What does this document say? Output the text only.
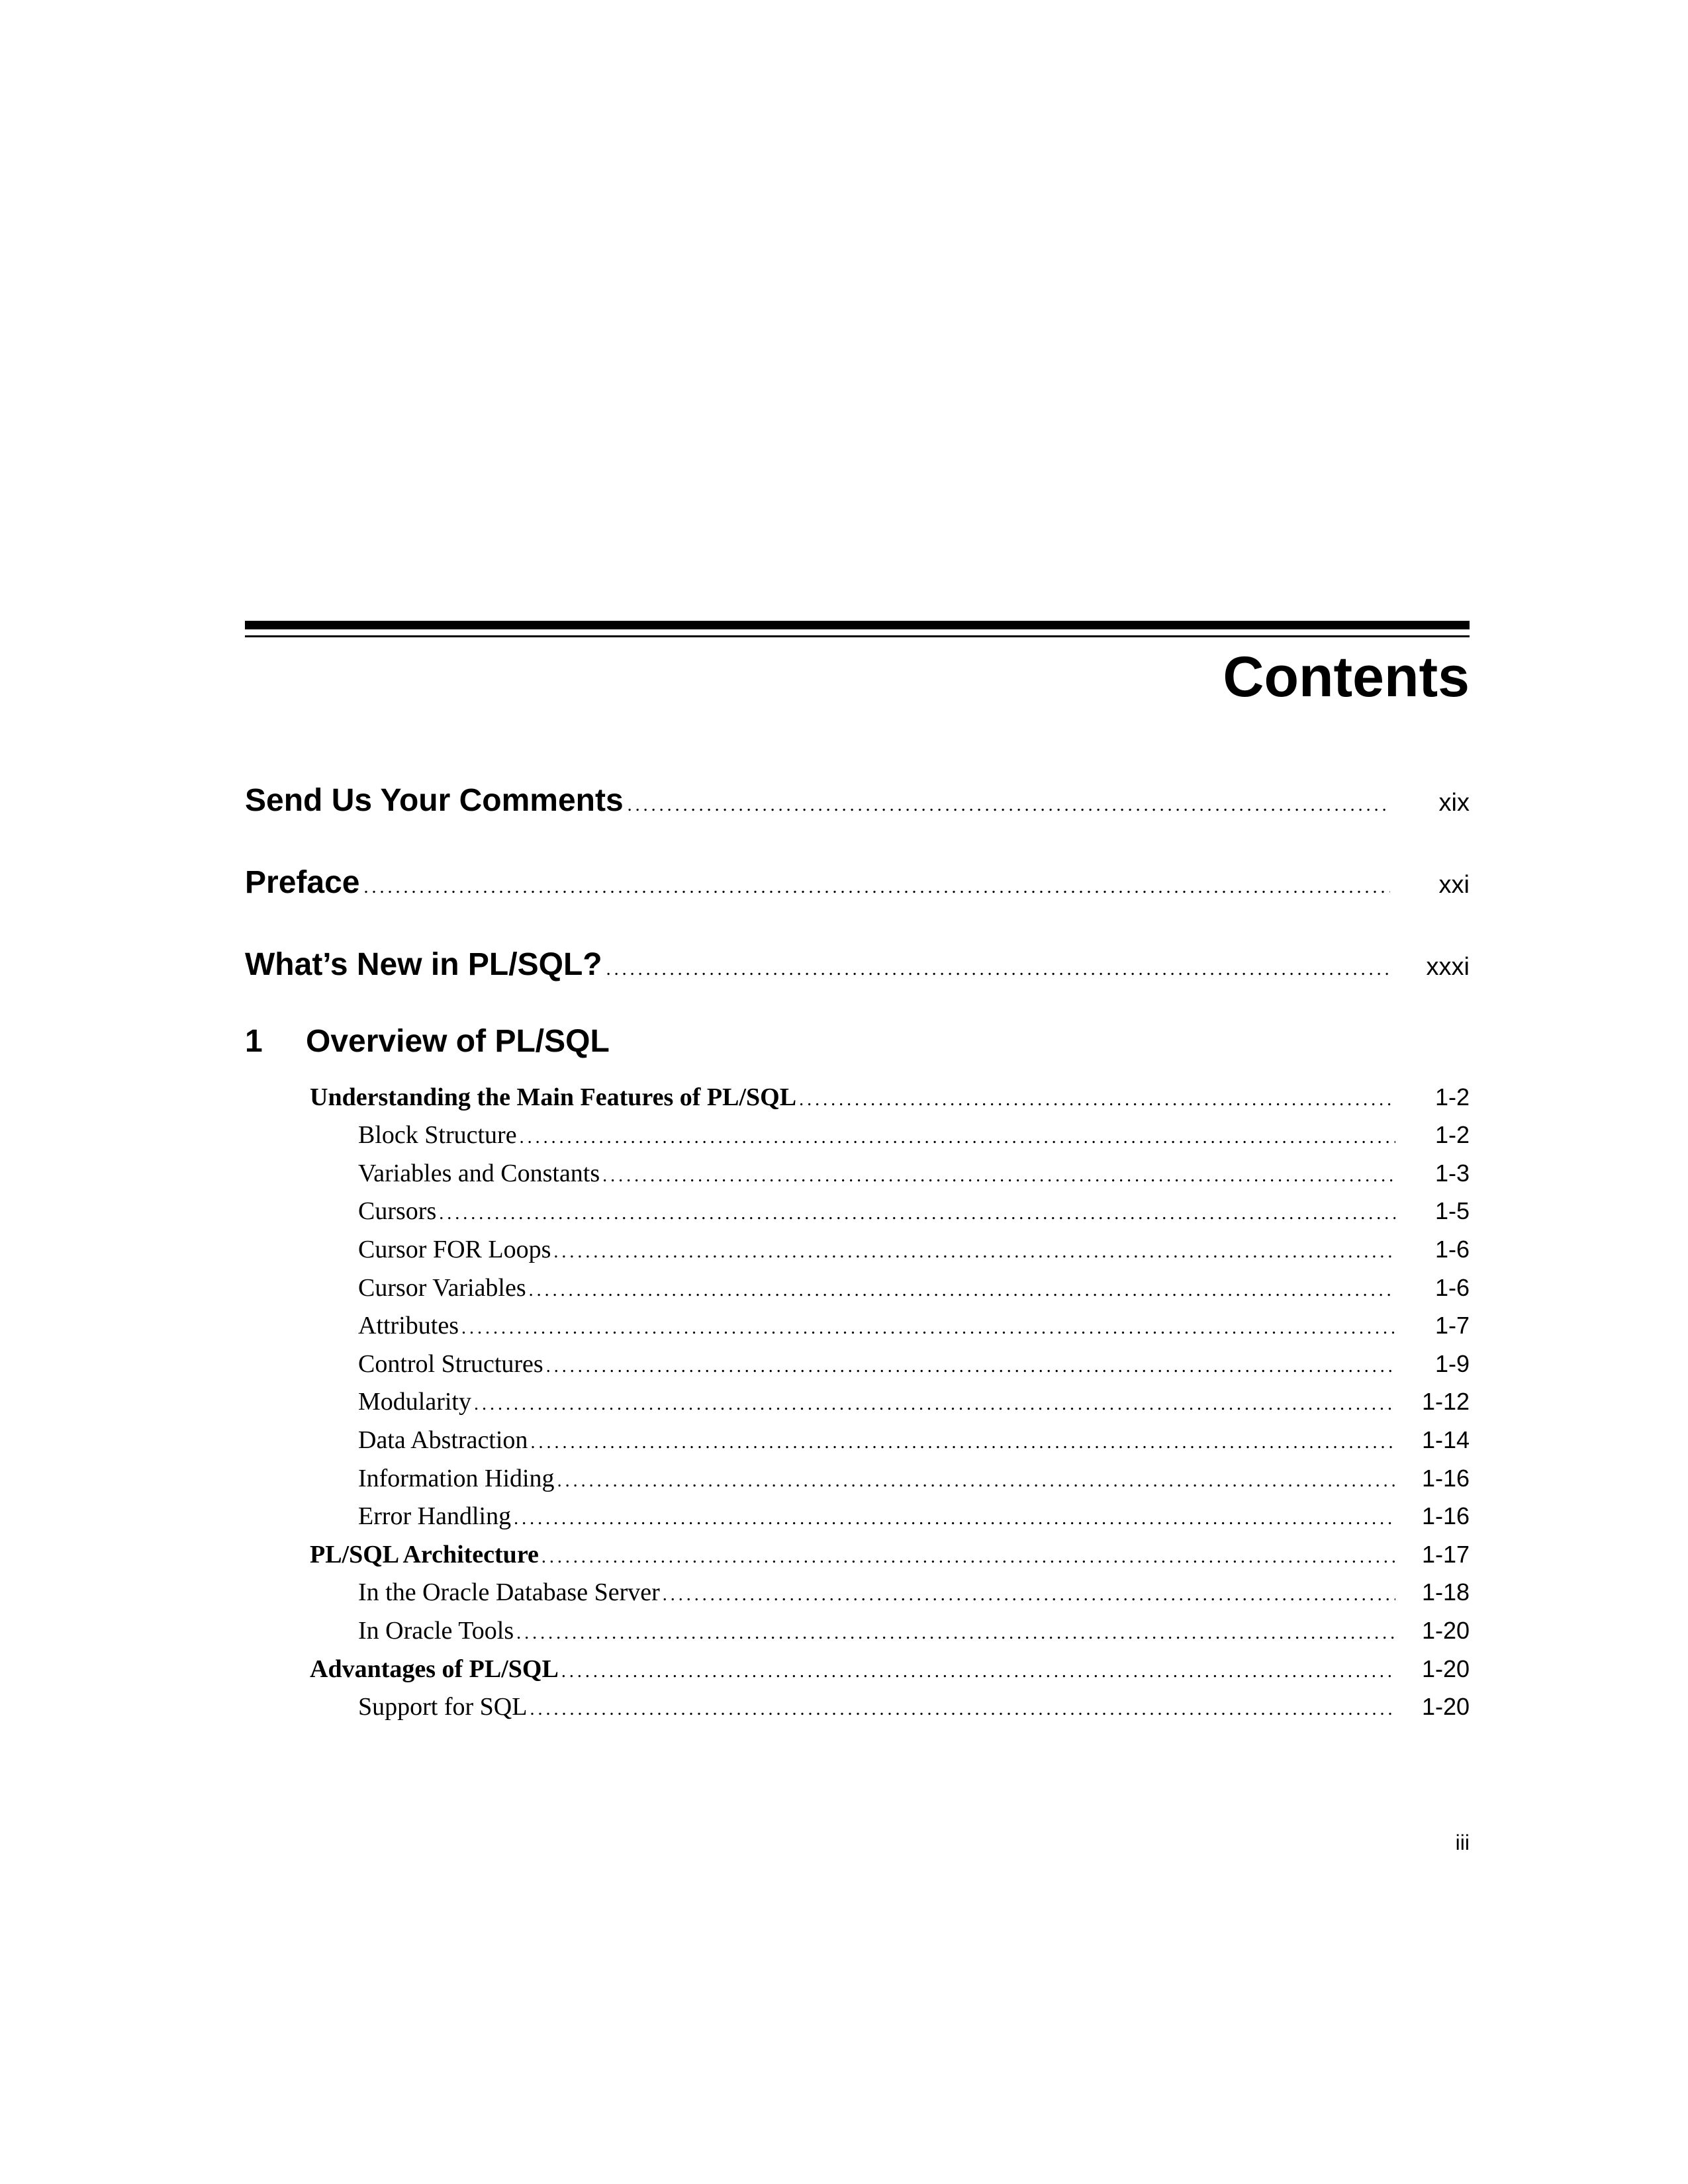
Contents
Send Us Your Comments . . .	xix
Preface . . .	xxi
What’s New in PL/SQL? . . .	xxxi
1 Overview of PL/SQL
Understanding the Main Features of PL/SQL . . .	1-2
Block Structure . . .	1-2
Variables and Constants . . .	1-3
Cursors . . .	1-5
Cursor FOR Loops . . .	1-6
Cursor Variables . . .	1-6
Attributes . . .	1-7
Control Structures . . .	1-9
Modularity . . .	1-12
Data Abstraction . . .	1-14
Information Hiding . . .	1-16
Error Handling . . .	1-16
PL/SQL Architecture . . .	1-17
In the Oracle Database Server . . .	1-18
In Oracle Tools . . .	1-20
Advantages of PL/SQL . . .	1-20
Support for SQL . . .	1-20
iii
